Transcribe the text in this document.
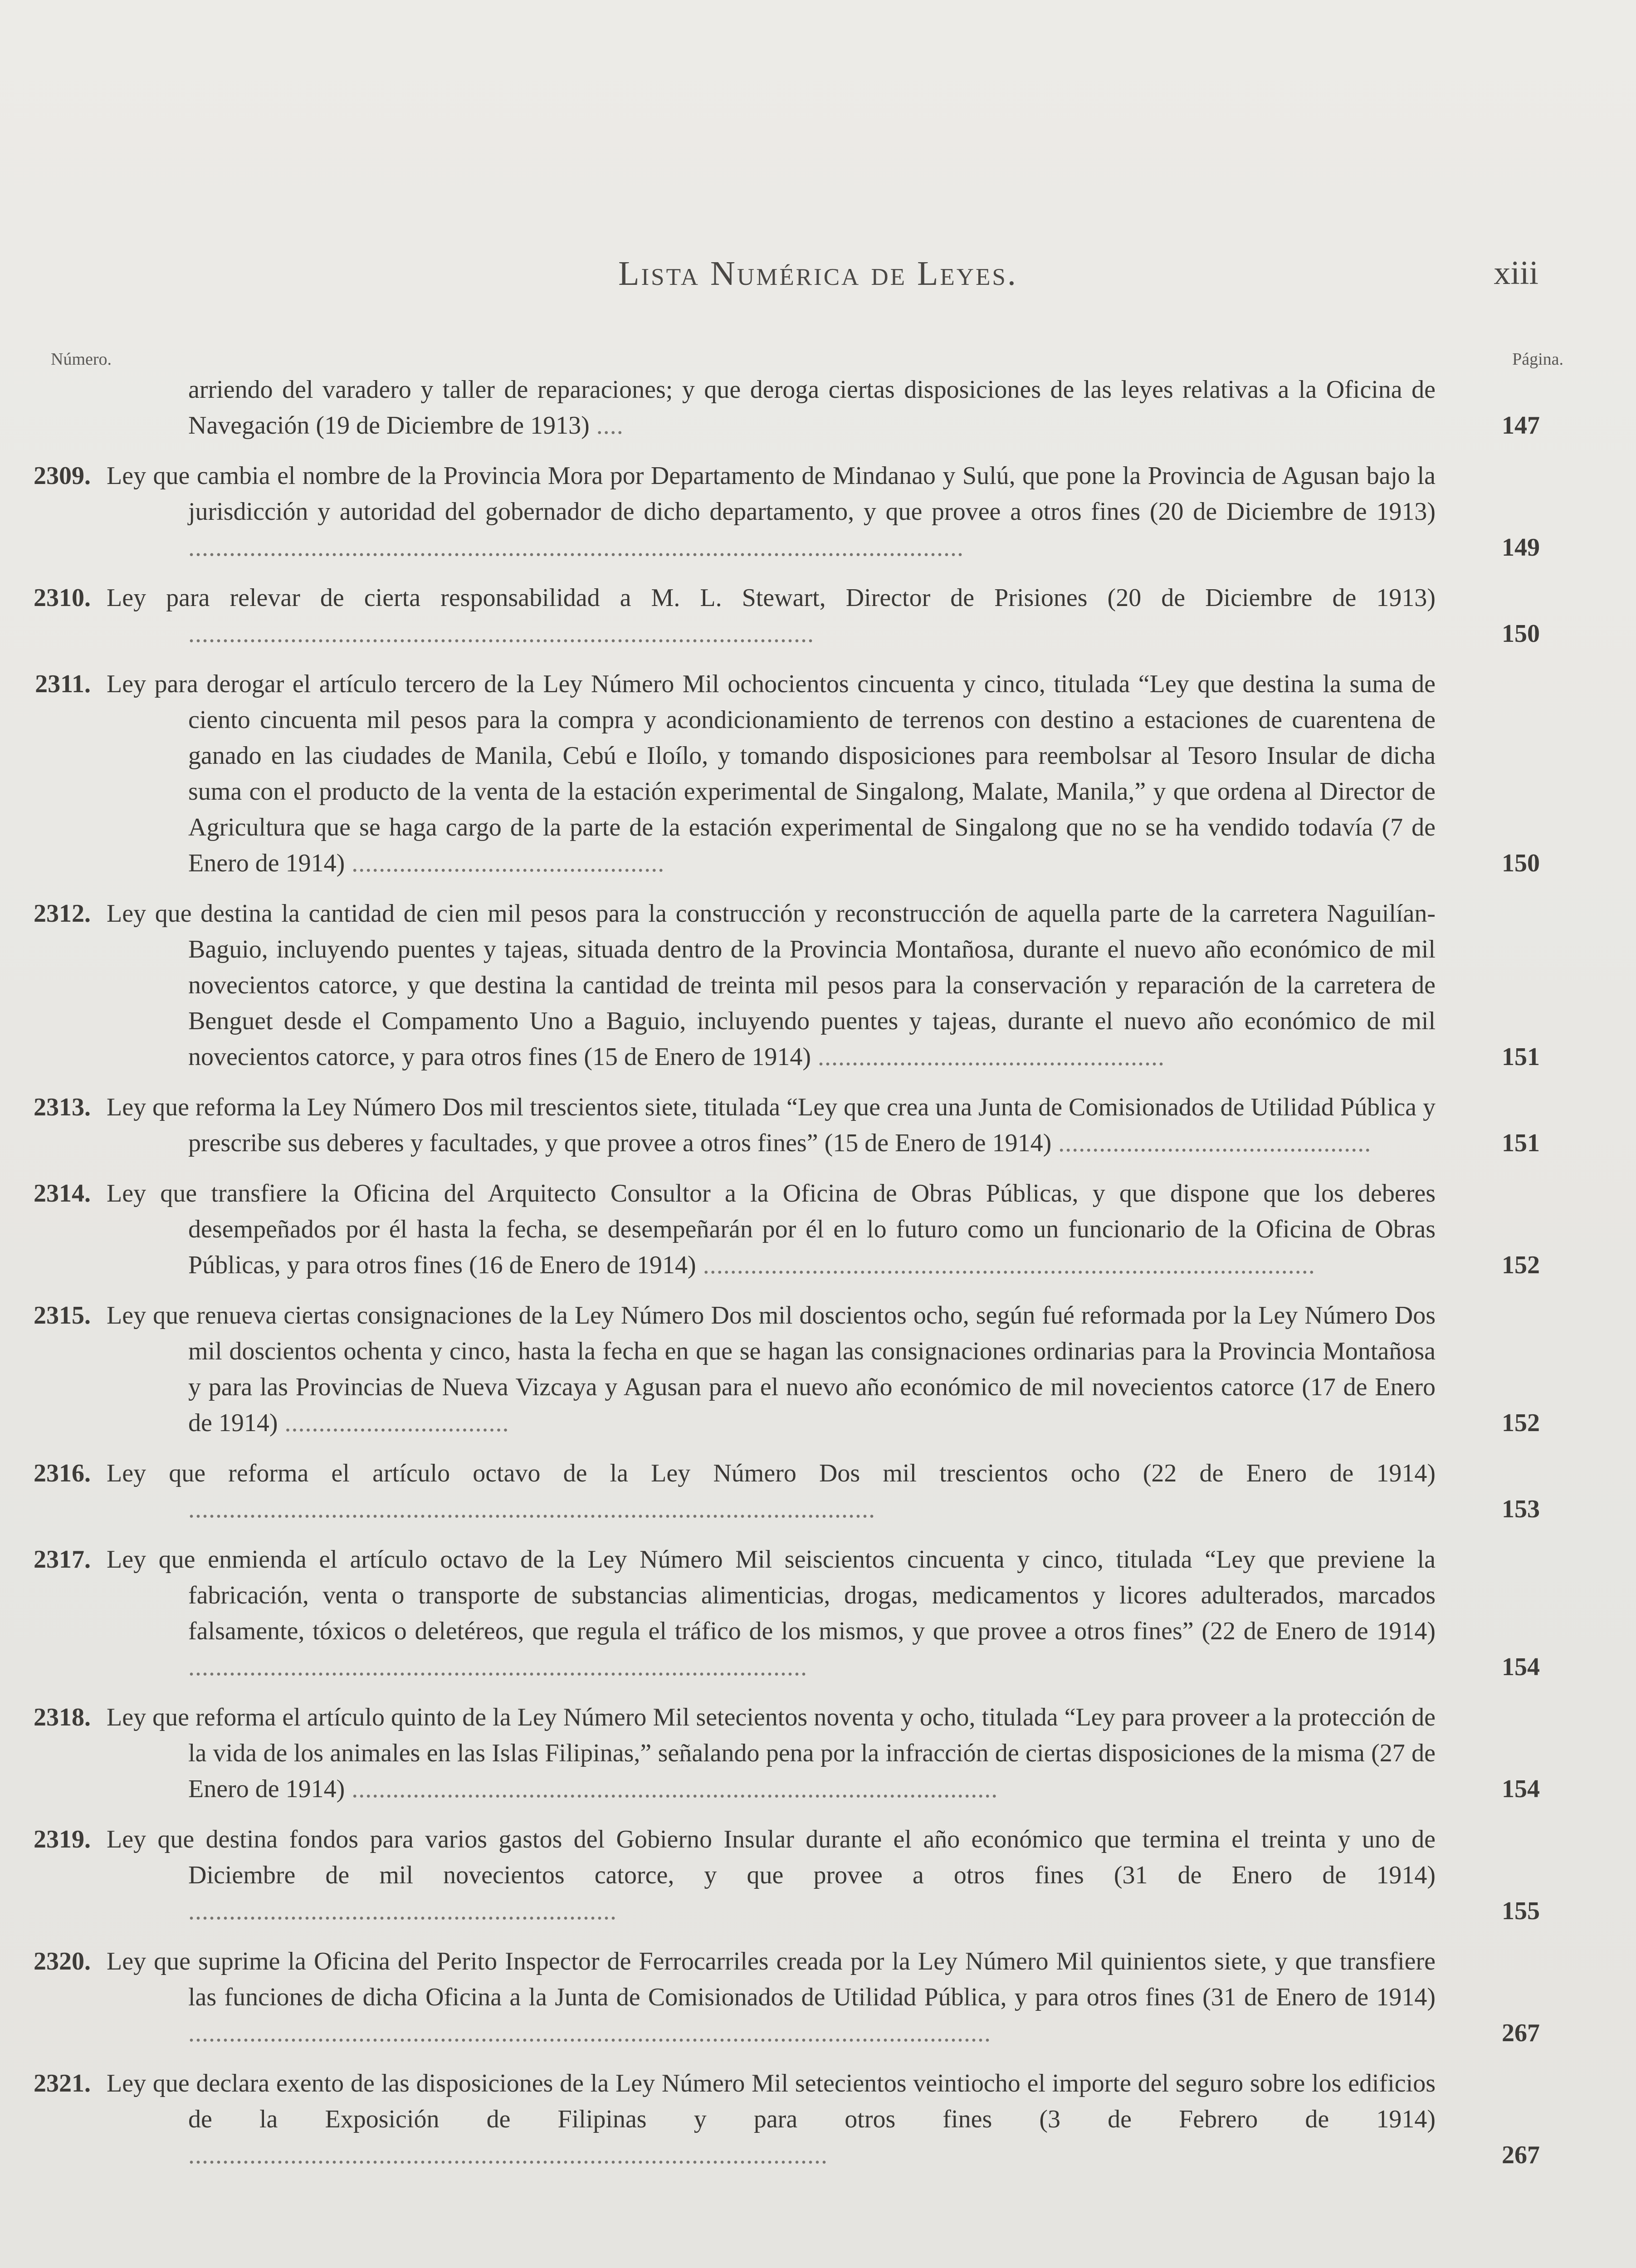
Lista Numérica de Leyes.	xiii
Número.	Página.
arriendo del varadero y taller de reparaciones; y que deroga ciertas disposiciones de las leyes relativas a la Oficina de Navegación (19 de Diciembre de 1913) ....	147
2309. Ley que cambia el nombre de la Provincia Mora por Departamento de Mindanao y Sulú, que pone la Provincia de Agusan bajo la jurisdicción y autoridad del gobernador de dicho departamento, y que provee a otros fines (20 de Diciembre de 1913) ..................................................................................................................	149
2310. Ley para relevar de cierta responsabilidad a M. L. Stewart, Director de Prisiones (20 de Diciembre de 1913) ............................................................................................	150
2311. Ley para derogar el artículo tercero de la Ley Número Mil ochocientos cincuenta y cinco, titulada “Ley que destina la suma de ciento cincuenta mil pesos para la compra y acondicionamiento de terrenos con destino a estaciones de cuarentena de ganado en las ciudades de Manila, Cebú e Iloílo, y tomando disposiciones para reembolsar al Tesoro Insular de dicha suma con el producto de la venta de la estación experimental de Singalong, Malate, Manila,” y que ordena al Director de Agricultura que se haga cargo de la parte de la estación experimental de Singalong que no se ha vendido todavía (7 de Enero de 1914) ..............................................	150
2312. Ley que destina la cantidad de cien mil pesos para la construcción y reconstrucción de aquella parte de la carretera Naguilían-Baguio, incluyendo puentes y tajeas, situada dentro de la Provincia Montañosa, durante el nuevo año económico de mil novecientos catorce, y que destina la cantidad de treinta mil pesos para la conservación y reparación de la carretera de Benguet desde el Compamento Uno a Baguio, incluyendo puentes y tajeas, durante el nuevo año económico de mil novecientos catorce, y para otros fines (15 de Enero de 1914) ...................................................	151
2313. Ley que reforma la Ley Número Dos mil trescientos siete, titulada “Ley que crea una Junta de Comisionados de Utilidad Pública y prescribe sus deberes y facultades, y que provee a otros fines” (15 de Enero de 1914) ..............................................	151
2314. Ley que transfiere la Oficina del Arquitecto Consultor a la Oficina de Obras Públicas, y que dispone que los deberes desempeñados por él hasta la fecha, se desempeñarán por él en lo futuro como un funcionario de la Oficina de Obras Públicas, y para otros fines (16 de Enero de 1914) ..........................................................................................	152
2315. Ley que renueva ciertas consignaciones de la Ley Número Dos mil doscientos ocho, según fué reformada por la Ley Número Dos mil doscientos ochenta y cinco, hasta la fecha en que se hagan las consignaciones ordinarias para la Provincia Montañosa y para las Provincias de Nueva Vizcaya y Agusan para el nuevo año económico de mil novecientos catorce (17 de Enero de 1914) .................................	152
2316. Ley que reforma el artículo octavo de la Ley Número Dos mil trescientos ocho (22 de Enero de 1914) .....................................................................................................	153
2317. Ley que enmienda el artículo octavo de la Ley Número Mil seiscientos cincuenta y cinco, titulada “Ley que previene la fabricación, venta o transporte de substancias alimenticias, drogas, medicamentos y licores adulterados, marcados falsamente, tóxicos o deletéreos, que regula el tráfico de los mismos, y que provee a otros fines” (22 de Enero de 1914) ...........................................................................................	154
2318. Ley que reforma el artículo quinto de la Ley Número Mil setecientos noventa y ocho, titulada “Ley para proveer a la protección de la vida de los animales en las Islas Filipinas,” señalando pena por la infracción de ciertas disposiciones de la misma (27 de Enero de 1914) ...............................................................................................	154
2319. Ley que destina fondos para varios gastos del Gobierno Insular durante el año económico que termina el treinta y uno de Diciembre de mil novecientos catorce, y que provee a otros fines (31 de Enero de 1914) ...............................................................	155
2320. Ley que suprime la Oficina del Perito Inspector de Ferrocarriles creada por la Ley Número Mil quinientos siete, y que transfiere las funciones de dicha Oficina a la Junta de Comisionados de Utilidad Pública, y para otros fines (31 de Enero de 1914) ......................................................................................................................	267
2321. Ley que declara exento de las disposiciones de la Ley Número Mil setecientos veintiocho el importe del seguro sobre los edificios de la Exposición de Filipinas y para otros fines (3 de Febrero de 1914) ..............................................................................................	267
